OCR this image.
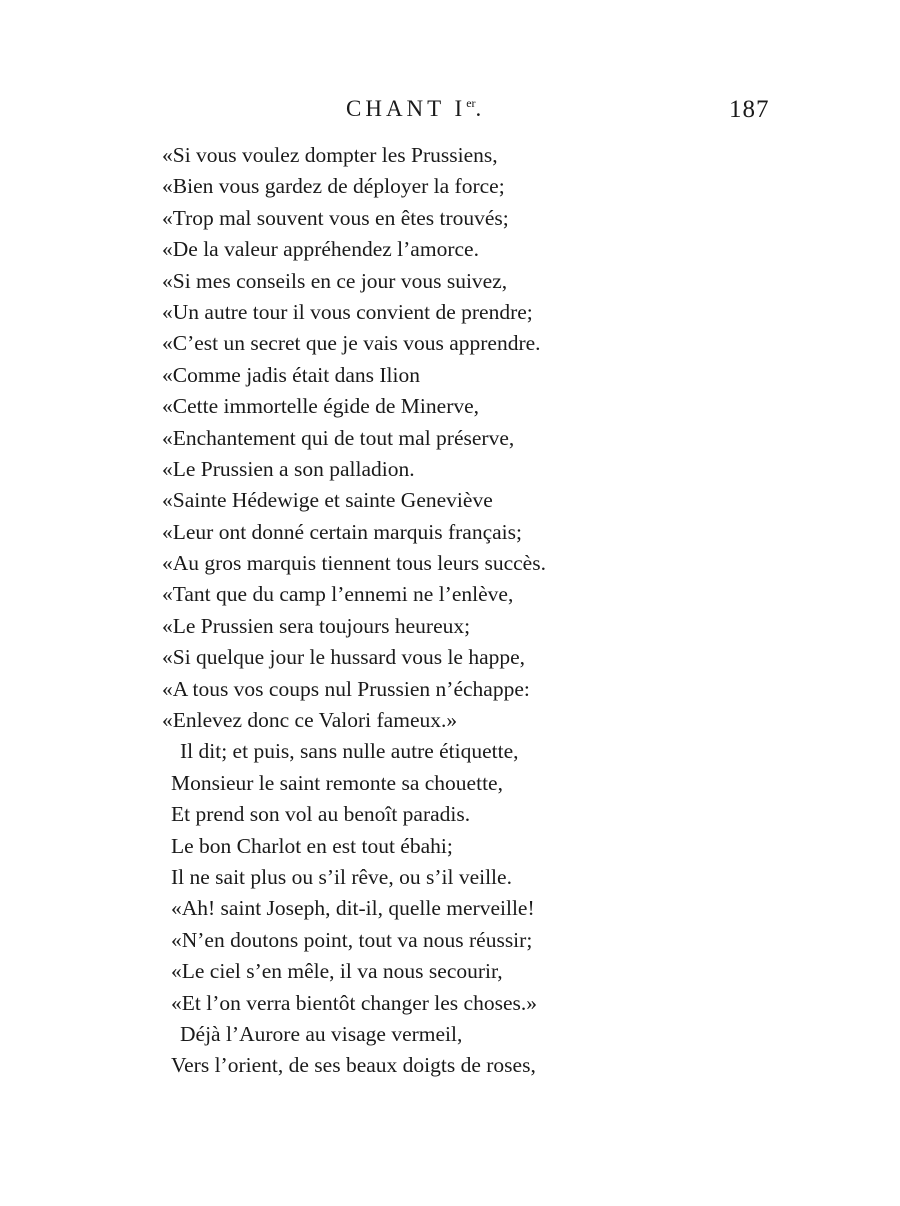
CHANT Ier.	187
«Si vous voulez dompter les Prussiens,
«Bien vous gardez de déployer la force;
«Trop mal souvent vous en êtes trouvés;
«De la valeur appréhendez l’amorce.
«Si mes conseils en ce jour vous suivez,
«Un autre tour il vous convient de prendre;
«C’est un secret que je vais vous apprendre.
«Comme jadis était dans Ilion
«Cette immortelle égide de Minerve,
«Enchantement qui de tout mal préserve,
«Le Prussien a son palladion.
«Sainte Hédewige et sainte Geneviève
«Leur ont donné certain marquis français;
«Au gros marquis tiennent tous leurs succès.
«Tant que du camp l’ennemi ne l’enlève,
«Le Prussien sera toujours heureux;
«Si quelque jour le hussard vous le happe,
«A tous vos coups nul Prussien n’échappe:
«Enlevez donc ce Valori fameux.»
Il dit; et puis, sans nulle autre étiquette,
Monsieur le saint remonte sa chouette,
Et prend son vol au benoît paradis.
Le bon Charlot en est tout ébahi;
Il ne sait plus ou s’il rêve, ou s’il veille.
«Ah! saint Joseph, dit-il, quelle merveille!
«N’en doutons point, tout va nous réussir;
«Le ciel s’en mêle, il va nous secourir,
«Et l’on verra bientôt changer les choses.»
Déjà l’Aurore au visage vermeil,
Vers l’orient, de ses beaux doigts de roses,
